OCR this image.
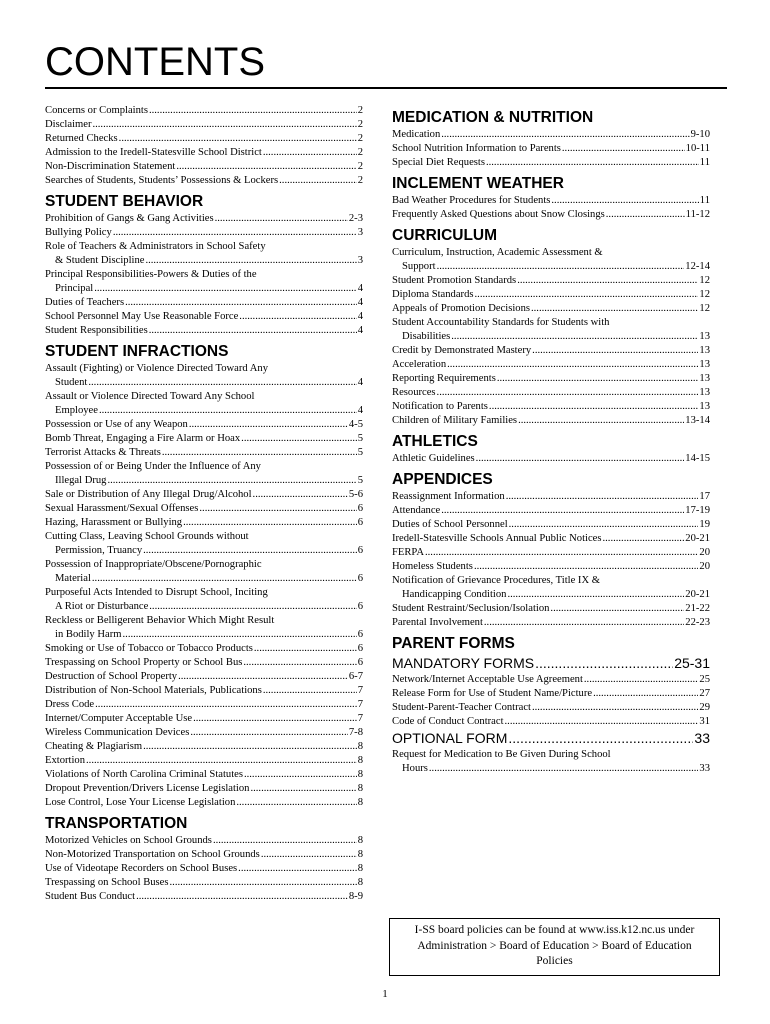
CONTENTS
Concerns or Complaints .....	2
Disclaimer .....	2
Returned Checks .....	2
Admission to the Iredell-Statesville School District .....	2
Non-Discrimination Statement .....	2
Searches of Students, Students’ Possessions & Lockers .....	2
STUDENT BEHAVIOR
Prohibition of Gangs & Gang Activities .....	2-3
Bullying Policy .....	3
Role of Teachers & Administrators in School Safety
& Student Discipline .....	3
Principal Responsibilities-Powers & Duties of the
Principal .....	4
Duties of Teachers .....	4
School Personnel May Use Reasonable Force .....	4
Student Responsibilities .....	4
STUDENT INFRACTIONS
Assault (Fighting) or Violence Directed Toward Any
Student .....	4
Assault or Violence Directed Toward Any School
Employee .....	4
Possession or Use of any Weapon .....	4-5
Bomb Threat, Engaging a Fire Alarm or Hoax .....	5
Terrorist Attacks & Threats .....	5
Possession of or Being Under the Influence of Any
Illegal Drug .....	5
Sale or Distribution of Any Illegal Drug/Alcohol .....	5-6
Sexual Harassment/Sexual Offenses .....	6
Hazing, Harassment or Bullying .....	6
Cutting Class, Leaving School Grounds without
Permission, Truancy .....	6
Possession of Inappropriate/Obscene/Pornographic
Material .....	6
Purposeful Acts Intended to Disrupt School, Inciting
A Riot or Disturbance .....	6
Reckless or Belligerent Behavior Which Might Result
in Bodily Harm .....	6
Smoking or Use of Tobacco or Tobacco Products .....	6
Trespassing on School Property or School Bus .....	6
Destruction of School Property .....	6-7
Distribution of Non-School Materials, Publications .....	7
Dress Code .....	7
Internet/Computer Acceptable Use .....	7
Wireless Communication Devices .....	7-8
Cheating & Plagiarism .....	8
Extortion .....	8
Violations of North Carolina Criminal Statutes .....	8
Dropout Prevention/Drivers License Legislation .....	8
Lose Control, Lose Your License Legislation .....	8
TRANSPORTATION
Motorized Vehicles on School Grounds .....	8
Non-Motorized Transportation on School Grounds .....	8
Use of Videotape Recorders on School Buses .....	8
Trespassing on School Buses .....	8
Student Bus Conduct .....	8-9
MEDICATION & NUTRITION
Medication .....	9-10
School Nutrition Information to Parents .....	10-11
Special Diet Requests .....	11
INCLEMENT WEATHER
Bad Weather Procedures for Students .....	11
Frequently Asked Questions about Snow Closings .....	11-12
CURRICULUM
Curriculum, Instruction, Academic Assessment &
Support .....	12-14
Student Promotion Standards .....	12
Diploma Standards .....	12
Appeals of Promotion Decisions .....	12
Student Accountability Standards for Students with
Disabilities .....	13
Credit by Demonstrated Mastery .....	13
Acceleration .....	13
Reporting Requirements .....	13
Resources .....	13
Notification to Parents .....	13
Children of Military Families .....	13-14
ATHLETICS
Athletic Guidelines .....	14-15
APPENDICES
Reassignment Information .....	17
Attendance .....	17-19
Duties of School Personnel .....	19
Iredell-Statesville Schools Annual Public Notices .....	20-21
FERPA .....	20
Homeless Students .....	20
Notification of Grievance Procedures, Title IX &
Handicapping Condition .....	20-21
Student Restraint/Seclusion/Isolation .....	21-22
Parental Involvement .....	22-23
PARENT FORMS
MANDATORY FORMS .....	25-31
Network/Internet Acceptable Use Agreement .....	25
Release Form for Use of Student Name/Picture .....	27
Student-Parent-Teacher Contract .....	29
Code of Conduct Contract .....	31
OPTIONAL FORM .....	33
Request for Medication to Be Given During School
Hours .....	33
I-SS board policies can be found at www.iss.k12.nc.us under Administration > Board of Education > Board of Education Policies
1
